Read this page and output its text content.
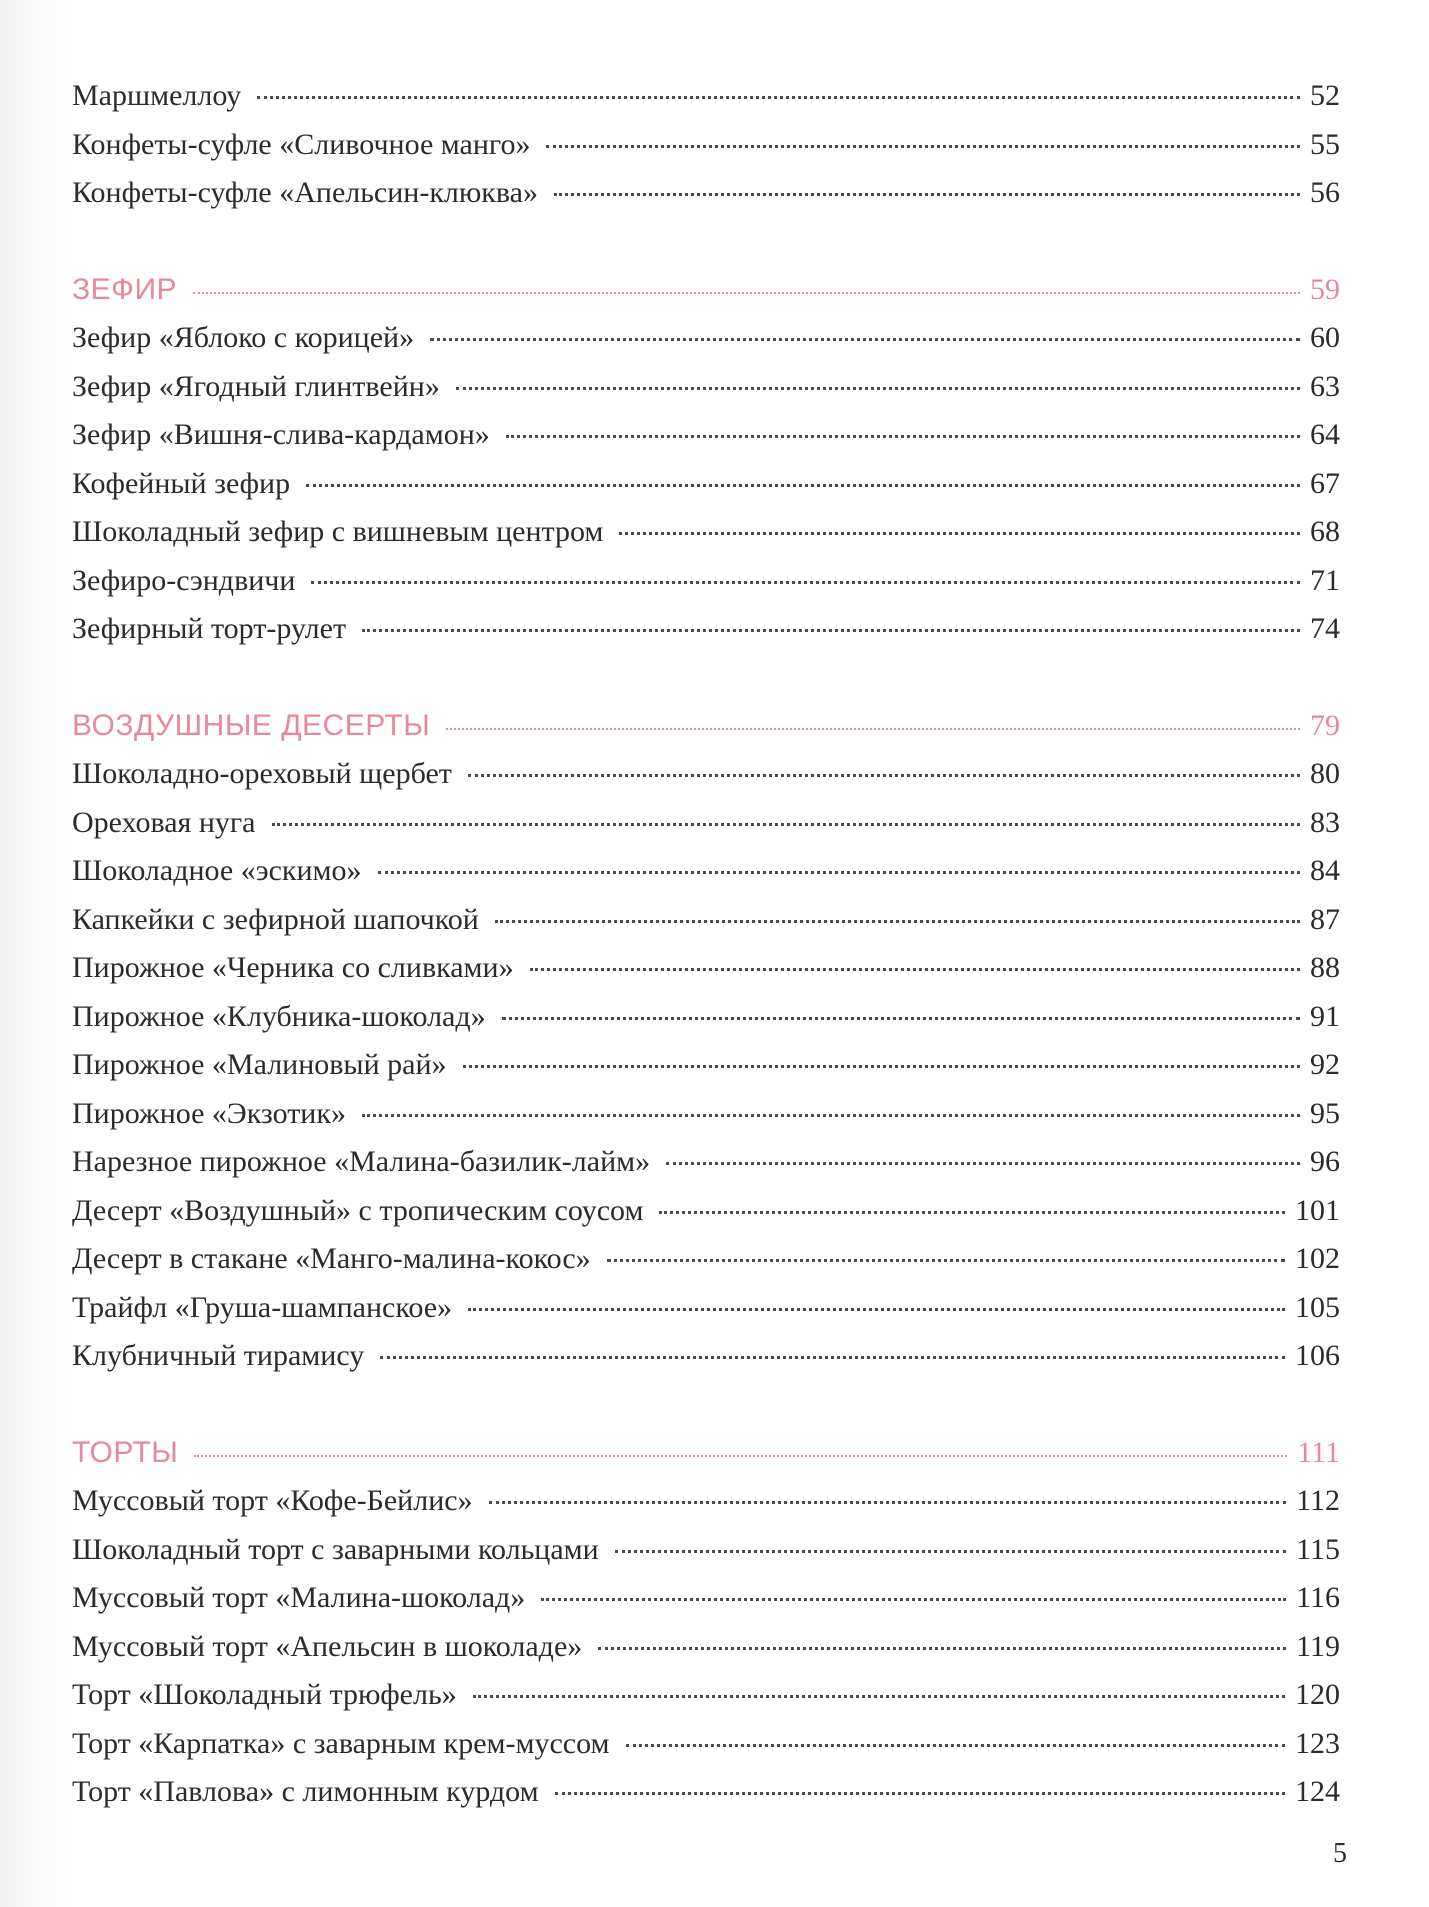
Маршмеллоу	52
Конфеты-суфле «Сливочное манго»	55
Конфеты-суфле «Апельсин-клюква»	56
ЗЕФИР	59
Зефир «Яблоко с корицей»	60
Зефир «Ягодный глинтвейн»	63
Зефир «Вишня-слива-кардамон»	64
Кофейный зефир	67
Шоколадный зефир с вишневым центром	68
Зефиро-сэндвичи	71
Зефирный торт-рулет	74
ВОЗДУШНЫЕ ДЕСЕРТЫ	79
Шоколадно-ореховый щербет	80
Ореховая нуга	83
Шоколадное «эскимо»	84
Капкейки с зефирной шапочкой	87
Пирожное «Черника со сливками»	88
Пирожное «Клубника-шоколад»	91
Пирожное «Малиновый рай»	92
Пирожное «Экзотик»	95
Нарезное пирожное «Малина-базилик-лайм»	96
Десерт «Воздушный» с тропическим соусом	101
Десерт в стакане «Манго-малина-кокос»	102
Трайфл «Груша-шампанское»	105
Клубничный тирамису	106
ТОРТЫ	111
Муссовый торт «Кофе-Бейлис»	112
Шоколадный торт с заварными кольцами	115
Муссовый торт «Малина-шоколад»	116
Муссовый торт «Апельсин в шоколаде»	119
Торт «Шоколадный трюфель»	120
Торт «Карпатка» с заварным крем-муссом	123
Торт «Павлова» с лимонным курдом	124
5
